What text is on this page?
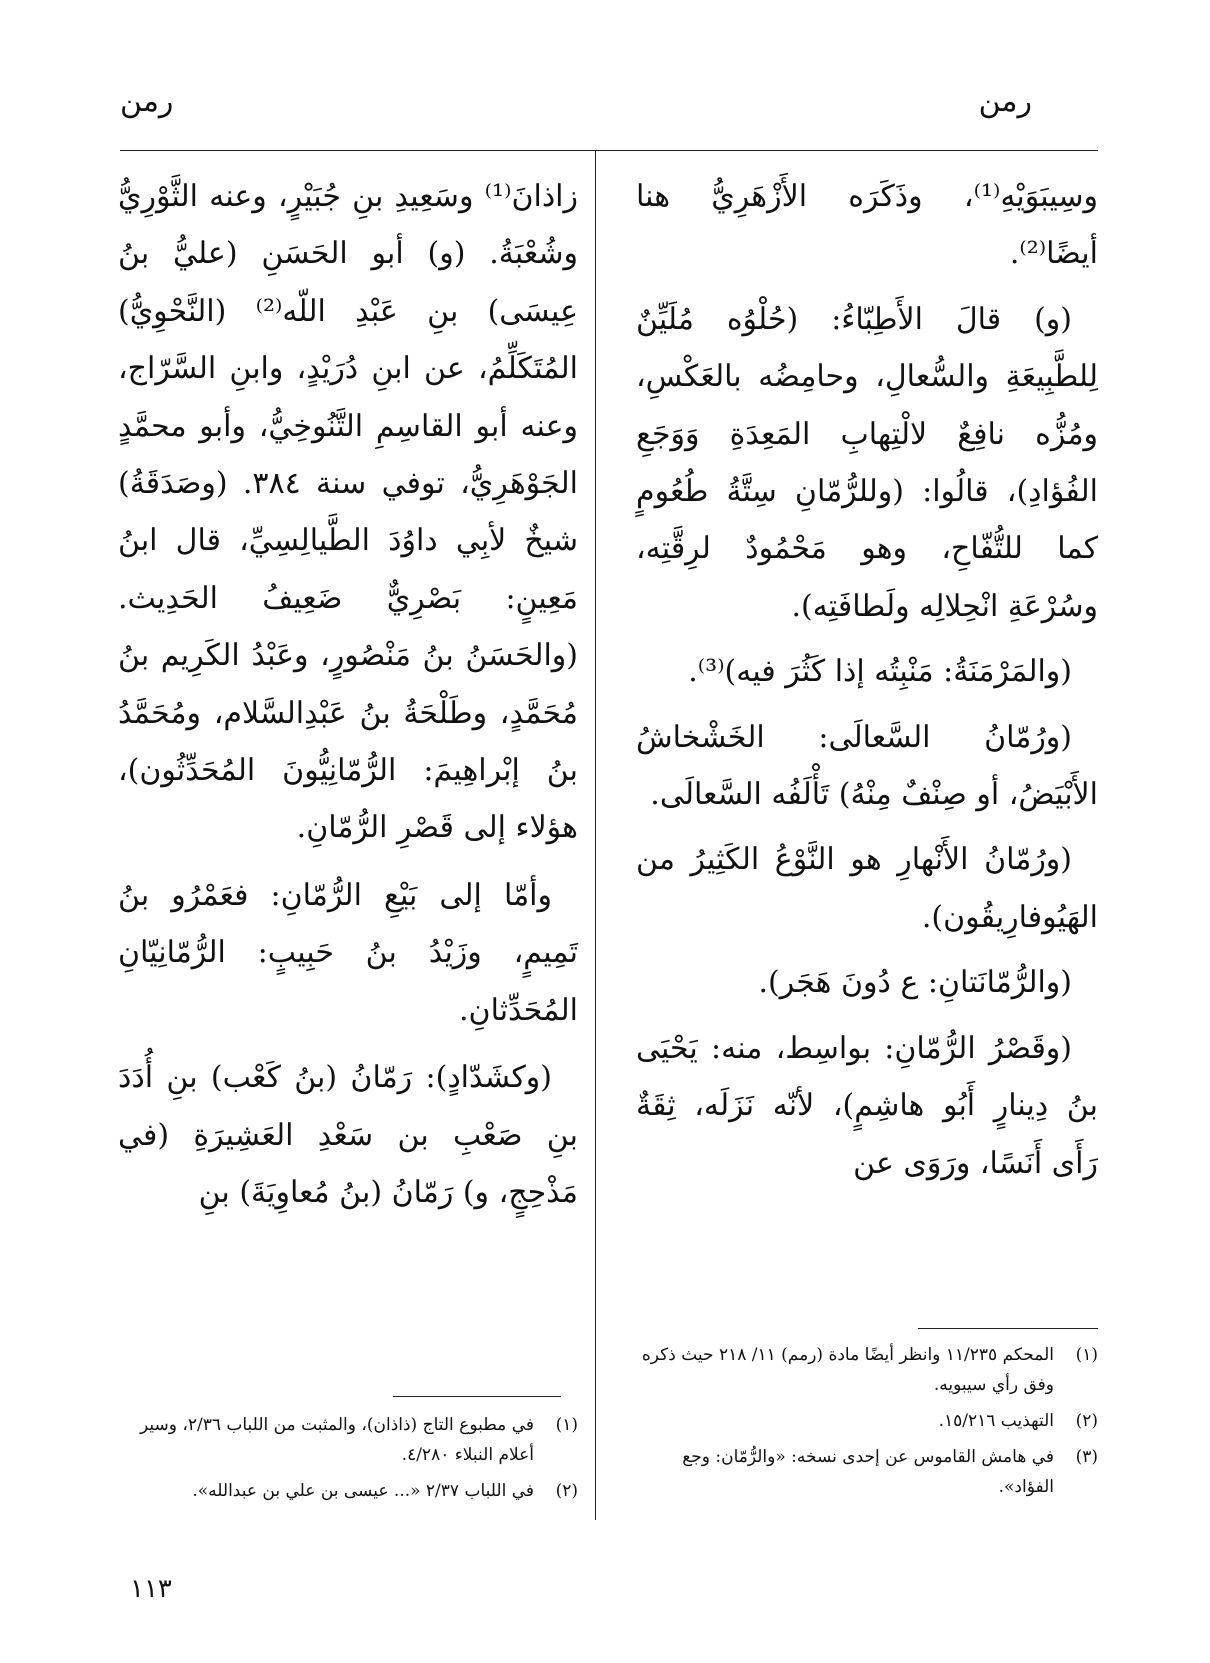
رمن
رمن

وسِيبَوَيْهِ⁽¹⁾، وذَكَرَه الأَزْهَرِيُّ هنا أيضًا⁽²⁾.

(و) قالَ الأَطِبّاءُ: (حُلْوُه مُلَيِّنٌ لِلطَّبِيعَةِ والسُّعالِ، وحامِضُه بالعَكْسِ، ومُزُّه نافِعٌ لالْتِهابِ المَعِدَةِ وَوَجَعِ الفُؤادِ)، قالُوا: (وللرُّمّانِ سِتَّةُ طُعُومٍ كما للتُّفّاحِ، وهو مَحْمُودٌ لرِقَّتِه، وسُرْعَةِ انْحِلالِه ولَطافَتِه).

(والمَرْمَنَةُ: مَنْبِتُه إذا كَثُرَ فيه)⁽³⁾.

(ورُمّانُ السَّعالَى: الخَشْخاشُ الأَبْيَضُ، أو صِنْفٌ مِنْهُ) تَأْلَفُه السَّعالَى.

(ورُمّانُ الأَنْهارِ هو النَّوْعُ الكَثِيرُ من الهَيُوفارِيقُون).

(والرُّمّانَتانِ: ع دُونَ هَجَر).

(وقَصْرُ الرُّمّانِ: بواسِط، منه: يَحْيَى بنُ دِينارٍ أَبُو هاشِمٍ)، لأنّه نَزَلَه، ثِقَةٌ رَأَى أَنَسًا، ورَوَى عن

زاذانَ⁽¹⁾ وسَعِيدِ بنِ جُبَيْرٍ، وعنه الثَّوْرِيُّ وشُعْبَةُ. (و) أبو الحَسَنِ (عليُّ بنُ عِيسَى) بنِ عَبْدِ اللّه⁽²⁾ (النَّحْوِيُّ) المُتَكَلِّمُ، عن ابنِ دُرَيْدٍ، وابنِ السَّرّاج، وعنه أبو القاسِمِ التَّنُوخِيُّ، وأبو محمَّدٍ الجَوْهَرِيُّ، توفي سنة ٣٨٤. (وصَدَقَةُ) شيخٌ لأبِي داوُدَ الطَّيالِسِيِّ، قال ابنُ مَعِينٍ: بَصْرِيٌّ ضَعِيفُ الحَدِيث. (والحَسَنُ بنُ مَنْصُورٍ، وعَبْدُ الكَرِيم بنُ مُحَمَّدٍ، وطَلْحَةُ بنُ عَبْدِالسَّلام، ومُحَمَّدُ بنُ إبْراهِيمَ: الرُّمّانِيُّونَ المُحَدِّثُون)، هؤلاء إلى قَصْرِ الرُّمّانِ.

وأمّا إلى بَيْعِ الرُّمّانِ: فعَمْرُو بنُ تَمِيمٍ، وزَيْدُ بنُ حَبِيبٍ: الرُّمّانِيّانِ المُحَدِّثانِ.

(وكشَدّادٍ): رَمّانُ (بنُ كَعْب) بنِ أُدَدَ بنِ صَعْبِ بن سَعْدِ العَشِيرَةِ (في مَذْحِجٍ، و) رَمّانُ (بنُ مُعاوِيَةَ) بنِ

(١)المحكم ١١/٢٣٥ وانظر أيضًا مادة (رمم) ١١/ ٢١٨ حيث ذكره وفق رأي سيبويه.

(٢)التهذيب ١٥/٢١٦.

(٣)في هامش القاموس عن إحدى نسخه: «والرُّمّان: وجع الفؤاد».

(١)في مطبوع التاج (ذاذان)، والمثبت من اللباب ٢/٣٦، وسير أعلام النبلاء ٤/٢٨٠.

(٢)في اللباب ٢/٣٧ «... عيسى بن علي بن عبدالله».

١١٣
